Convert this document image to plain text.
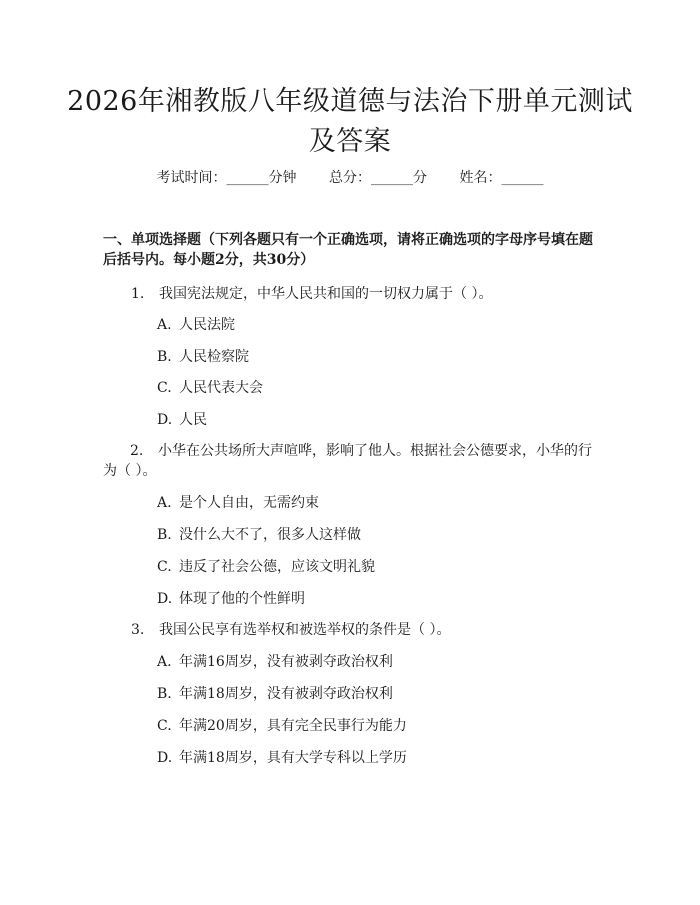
2026年湘教版八年级道德与法治下册单元测试及答案
考试时间：______分钟 总分：______分 姓名：______
一、单项选择题（下列各题只有一个正确选项，请将正确选项的字母序号填在题后括号内。每小题2分，共30分）
1. 我国宪法规定，中华人民共和国的一切权力属于（ ）。
A. 人民法院
B. 人民检察院
C. 人民代表大会
D. 人民
2. 小华在公共场所大声喧哗，影响了他人。根据社会公德要求，小华的行为（ ）。
A. 是个人自由，无需约束
B. 没什么大不了，很多人这样做
C. 违反了社会公德，应该文明礼貌
D. 体现了他的个性鲜明
3. 我国公民享有选举权和被选举权的条件是（ ）。
A. 年满16周岁，没有被剥夺政治权利
B. 年满18周岁，没有被剥夺政治权利
C. 年满20周岁，具有完全民事行为能力
D. 年满18周岁，具有大学专科以上学历
